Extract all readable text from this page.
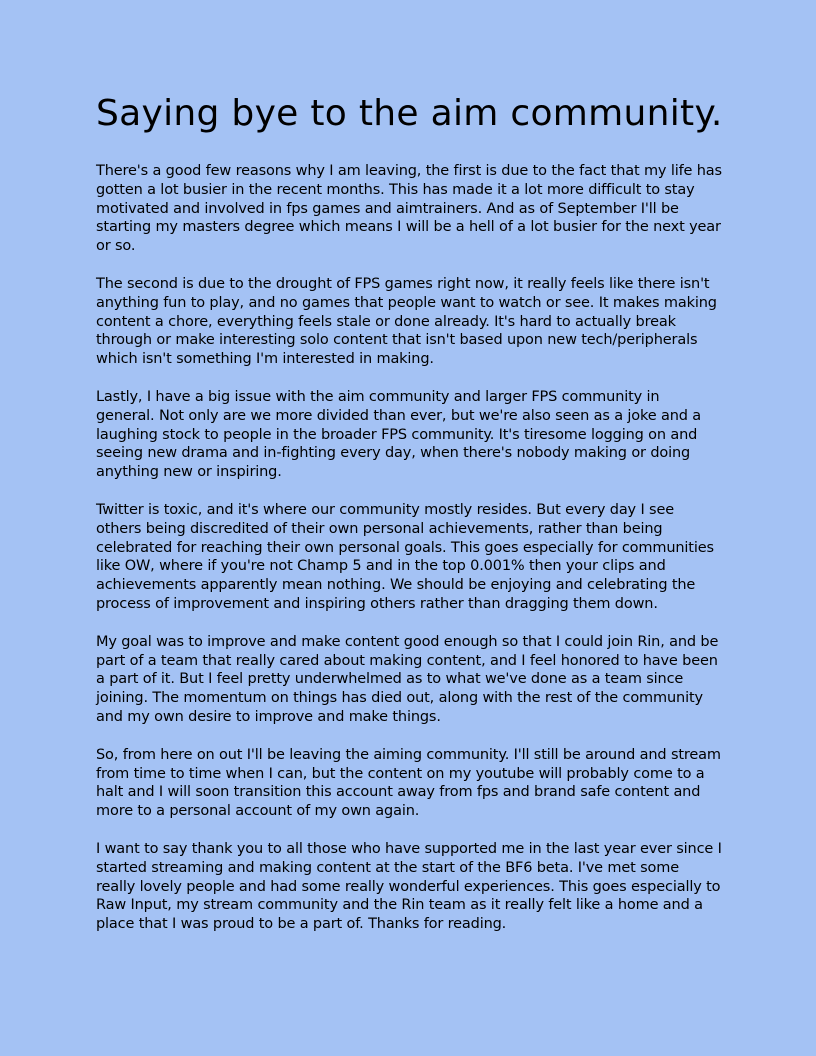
Saying bye to the aim community.

There's a good few reasons why I am leaving, the first is due to the fact that my life has gotten a lot busier in the recent months. This has made it a lot more difficult to stay motivated and involved in fps games and aimtrainers. And as of September I'll be starting my masters degree which means I will be a hell of a lot busier for the next year or so.

The second is due to the drought of FPS games right now, it really feels like there isn't anything fun to play, and no games that people want to watch or see. It makes making content a chore, everything feels stale or done already. It's hard to actually break through or make interesting solo content that isn't based upon new tech/peripherals which isn't something I'm interested in making.

Lastly, I have a big issue with the aim community and larger FPS community in general. Not only are we more divided than ever, but we're also seen as a joke and a laughing stock to people in the broader FPS community. It's tiresome logging on and seeing new drama and in-fighting every day, when there's nobody making or doing anything new or inspiring.

Twitter is toxic, and it's where our community mostly resides. But every day I see others being discredited of their own personal achievements, rather than being celebrated for reaching their own personal goals. This goes especially for communities like OW, where if you're not Champ 5 and in the top 0.001% then your clips and achievements apparently mean nothing. We should be enjoying and celebrating the process of improvement and inspiring others rather than dragging them down.

My goal was to improve and make content good enough so that I could join Rin, and be part of a team that really cared about making content, and I feel honored to have been a part of it. But I feel pretty underwhelmed as to what we've done as a team since joining. The momentum on things has died out, along with the rest of the community and my own desire to improve and make things.

So, from here on out I'll be leaving the aiming community. I'll still be around and stream from time to time when I can, but the content on my youtube will probably come to a halt and I will soon transition this account away from fps and brand safe content and more to a personal account of my own again.

I want to say thank you to all those who have supported me in the last year ever since I started streaming and making content at the start of the BF6 beta. I've met some really lovely people and had some really wonderful experiences. This goes especially to Raw Input, my stream community and the Rin team as it really felt like a home and a place that I was proud to be a part of. Thanks for reading.
